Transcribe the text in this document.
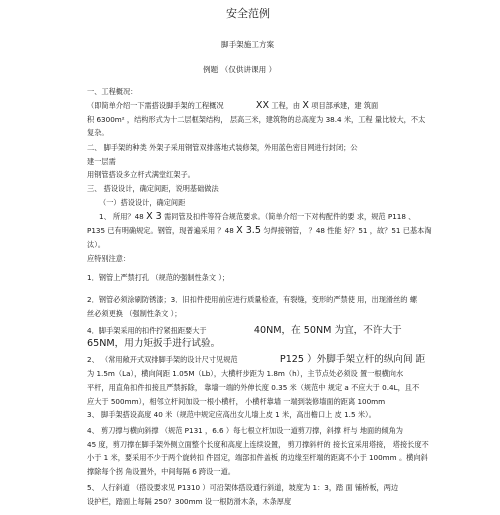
安全范例
脚手架施工方案
例题 （仅供讲课用 ）
一、工程概况：
（即简单介绍一下需搭设脚手架的工程概况	XX 工程，由 X 项目部承建，建 筑面
积 6300m² ，结构形式为十二层框架结构， 层高三米，建筑物的总高度为 38.4 米，工程 量比较大，不太
复杂。
二、 脚手架的种类 外架子采用钢管双排落地式装修架，外用蓝色密目网进行封闭；公
建一层需
用钢管搭设多立杆式满堂红架子。
三、 搭设设计，确定间距，说明基础做法
（一）搭设设计，确定间距
1、 所用？48 X 3 需同管及扣件等符合规范要求。（简单介绍一下对构配件的要 求，规范 P118 、
P135 已有明确规定。钢管，现普遍采用 ？48 X 3.5 匀焊接钢管， ？48 性能 好？51 ，故？51 已基本淘
汰）。
应特别注意：
1．钢管上严禁打孔 （规范的强制性条文 ）；
2．钢管必须涂刷防锈漆；3．旧扣件使用前应进行质量检查，有裂缝，变形的严禁使 用，出现滑丝的 螺
丝必须更换 （强制性条文 ）；
4．脚手架采用的扣件拧紧扭距要大于	40NM，在 50NM 为宜，不许大于
65NM，用力矩扳手进行试验。
2、 （常用敞开式双排脚手架的设计尺寸见规范	P125 ）外脚手架立杆的纵向间 距
为 1.5m（La），横向间距 1.05M（Lb），大横杆步距为 1.8m（h），主节点处必须设 置一根横向水
平杆，用直角扣件扣接且严禁拆除， 靠墙一端的外伸长度 0.35 米（规范中 规定 a 不应大于 0.4L，且不
应大于 500mm），相邻立杆间加设一根小横杆， 小横杆靠墙 一端到装修墙面的距离 100mm
3、 脚手架搭设高度 40 米（规范中规定应高出女儿墙上皮 1 米，高出檐口上 皮 1.5 米）。
4、 剪刀撑与横向斜撑 （规范 P131 ，6.6 ）每七根立杆加设一道剪刀撑，斜撑 杆与 地面的倾角为
45 度，剪刀撑在脚手架外侧立面整个长度和高度上连续设置， 剪刀撑斜杆的 接长宜采用塔接， 塔接长度不
小于 1 米，要采用不少于两个旋转扣 件固定，端部扣件盖板 的边缘至杆端的距离不小于 100mm 。横向斜
撑除每个拐 角设置外，中间每隔 6 跨设一道。
5、 人行斜道 （搭设要求见 P1310 ）可沿架体搭设通行斜道，坡度为 1：3，踏 面 铺桥板，两边
设护栏，踏面上每隔 250？300mm 设一根防滑木条，木条厚度
